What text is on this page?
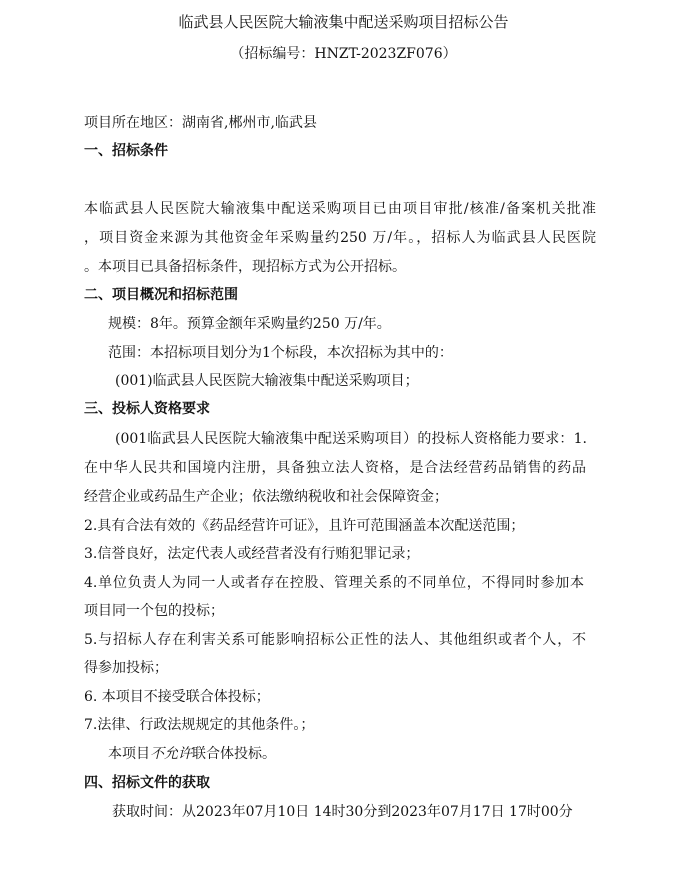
临武县人民医院大输液集中配送采购项目招标公告
（招标编号：HNZT-2023ZF076）
项目所在地区：湖南省,郴州市,临武县
一、招标条件
本临武县人民医院大输液集中配送采购项目已由项目审批/核准/备案机关批准
，项目资金来源为其他资金年采购量约250 万/年。，招标人为临武县人民医院
。本项目已具备招标条件，现招标方式为公开招标。
二、项目概况和招标范围
规模：8年。预算金额年采购量约250 万/年。
范围：本招标项目划分为1个标段，本次招标为其中的：
(001)临武县人民医院大输液集中配送采购项目；
三、投标人资格要求
(001临武县人民医院大输液集中配送采购项目）的投标人资格能力要求：1.
在中华人民共和国境内注册，具备独立法人资格，是合法经营药品销售的药品
经营企业或药品生产企业；依法缴纳税收和社会保障资金；
2.具有合法有效的《药品经营许可证》，且许可范围涵盖本次配送范围；
3.信誉良好，法定代表人或经营者没有行贿犯罪记录；
4.单位负责人为同一人或者存在控股、管理关系的不同单位，不得同时参加本
项目同一个包的投标；
5.与招标人存在利害关系可能影响招标公正性的法人、其他组织或者个人，不
得参加投标；
6. 本项目不接受联合体投标；
7.法律、行政法规规定的其他条件。；
本项目不允许联合体投标。
四、招标文件的获取
获取时间：从2023年07月10日 14时30分到2023年07月17日 17时00分
